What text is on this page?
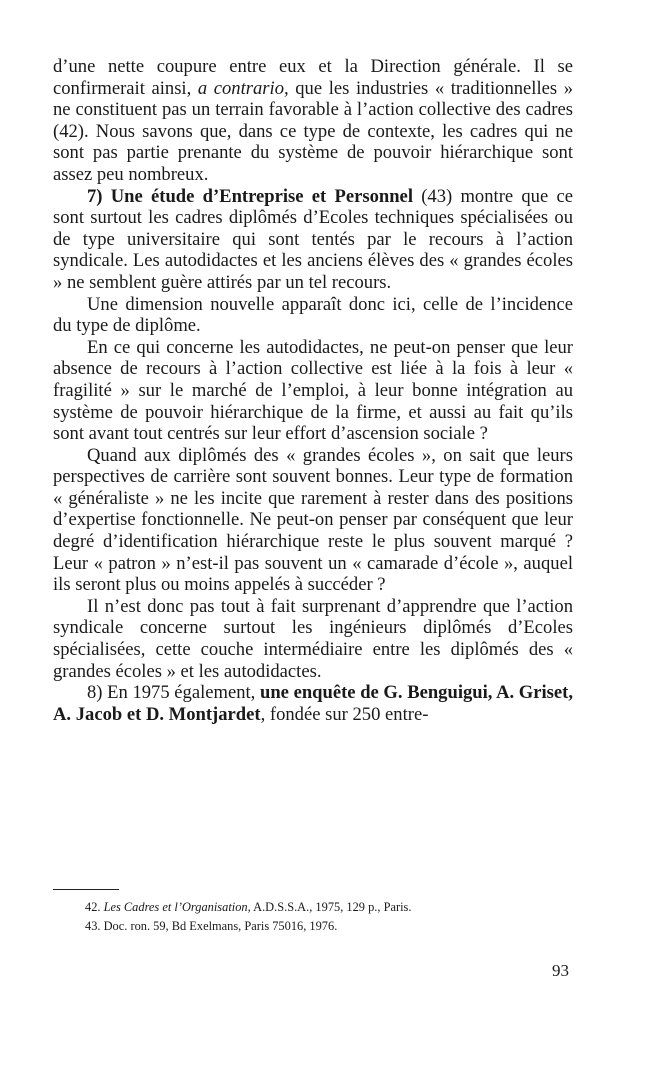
d’une nette coupure entre eux et la Direction générale. Il se confirmerait ainsi, a contrario, que les industries « traditionnelles » ne constituent pas un terrain favorable à l’action collective des cadres (42). Nous savons que, dans ce type de contexte, les cadres qui ne sont pas partie prenante du système de pouvoir hiérarchique sont assez peu nombreux.

7) Une étude d’Entreprise et Personnel (43) montre que ce sont surtout les cadres diplômés d’Ecoles techniques spécialisées ou de type universitaire qui sont tentés par le recours à l’action syndicale. Les autodidactes et les anciens élèves des « grandes écoles » ne semblent guère attirés par un tel recours.

Une dimension nouvelle apparaît donc ici, celle de l’incidence du type de diplôme.

En ce qui concerne les autodidactes, ne peut-on penser que leur absence de recours à l’action collective est liée à la fois à leur « fragilité » sur le marché de l’emploi, à leur bonne intégration au système de pouvoir hiérarchique de la firme, et aussi au fait qu’ils sont avant tout centrés sur leur effort d’ascension sociale ?

Quand aux diplômés des « grandes écoles », on sait que leurs perspectives de carrière sont souvent bonnes. Leur type de formation « généraliste » ne les incite que rarement à rester dans des positions d’expertise fonctionnelle. Ne peut-on penser par conséquent que leur degré d’identification hiérarchique reste le plus souvent marqué ? Leur « patron » n’est-il pas souvent un « camarade d’école », auquel ils seront plus ou moins appelés à succéder ?

Il n’est donc pas tout à fait surprenant d’apprendre que l’action syndicale concerne surtout les ingénieurs diplômés d’Ecoles spécialisées, cette couche intermédiaire entre les diplômés des « grandes écoles » et les autodidactes.

8) En 1975 également, une enquête de G. Benguigui, A. Griset, A. Jacob et D. Montjardet, fondée sur 250 entre-

42. Les Cadres et l’Organisation, A.D.S.S.A., 1975, 129 p., Paris.
43. Doc. ron. 59, Bd Exelmans, Paris 75016, 1976.
93
